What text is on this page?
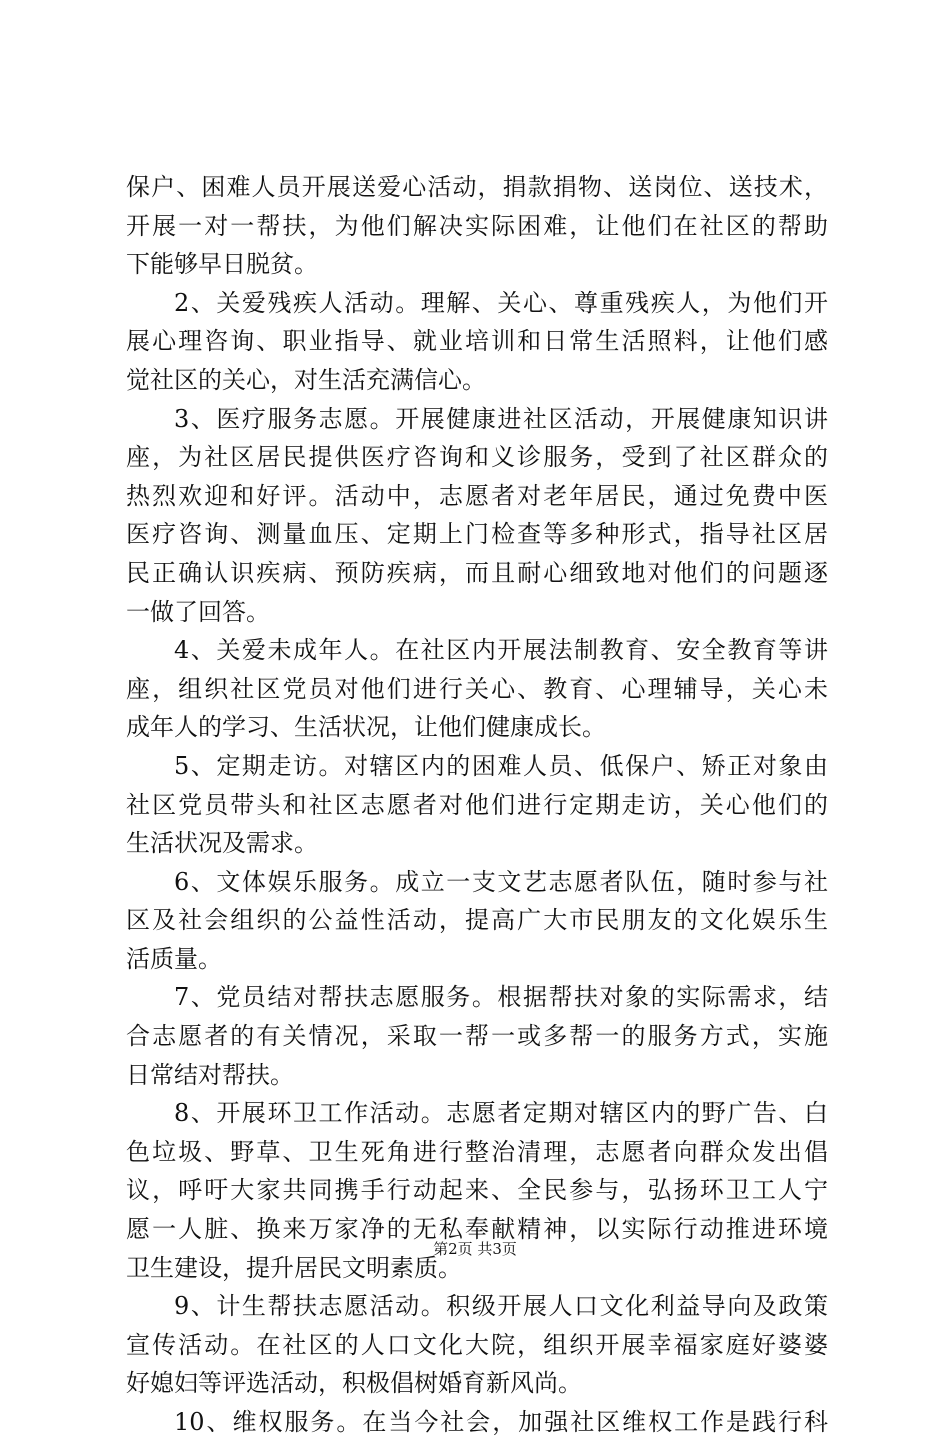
保户、困难人员开展送爱心活动，捐款捐物、送岗位、送技术，
开展一对一帮扶，为他们解决实际困难，让他们在社区的帮助
下能够早日脱贫。
2、关爱残疾人活动。理解、关心、尊重残疾人，为他们开
展心理咨询、职业指导、就业培训和日常生活照料，让他们感
觉社区的关心，对生活充满信心。
3、医疗服务志愿。开展健康进社区活动，开展健康知识讲
座，为社区居民提供医疗咨询和义诊服务，受到了社区群众的
热烈欢迎和好评。活动中，志愿者对老年居民，通过免费中医
医疗咨询、测量血压、定期上门检查等多种形式，指导社区居
民正确认识疾病、预防疾病，而且耐心细致地对他们的问题逐
一做了回答。
4、关爱未成年人。在社区内开展法制教育、安全教育等讲
座，组织社区党员对他们进行关心、教育、心理辅导，关心未
成年人的学习、生活状况，让他们健康成长。
5、定期走访。对辖区内的困难人员、低保户、矫正对象由
社区党员带头和社区志愿者对他们进行定期走访，关心他们的
生活状况及需求。
6、文体娱乐服务。成立一支文艺志愿者队伍，随时参与社
区及社会组织的公益性活动，提高广大市民朋友的文化娱乐生
活质量。
7、党员结对帮扶志愿服务。根据帮扶对象的实际需求，结
合志愿者的有关情况，采取一帮一或多帮一的服务方式，实施
日常结对帮扶。
8、开展环卫工作活动。志愿者定期对辖区内的野广告、白
色垃圾、野草、卫生死角进行整治清理，志愿者向群众发出倡
议，呼吁大家共同携手行动起来、全民参与，弘扬环卫工人宁
愿一人脏、换来万家净的无私奉献精神，以实际行动推进环境
卫生建设，提升居民文明素质。
9、计生帮扶志愿活动。积级开展人口文化利益导向及政策
宣传活动。在社区的人口文化大院，组织开展幸福家庭好婆婆
好媳妇等评选活动，积极倡树婚育新风尚。
10、维权服务。在当今社会，加强社区维权工作是践行科
第2页 共3页
